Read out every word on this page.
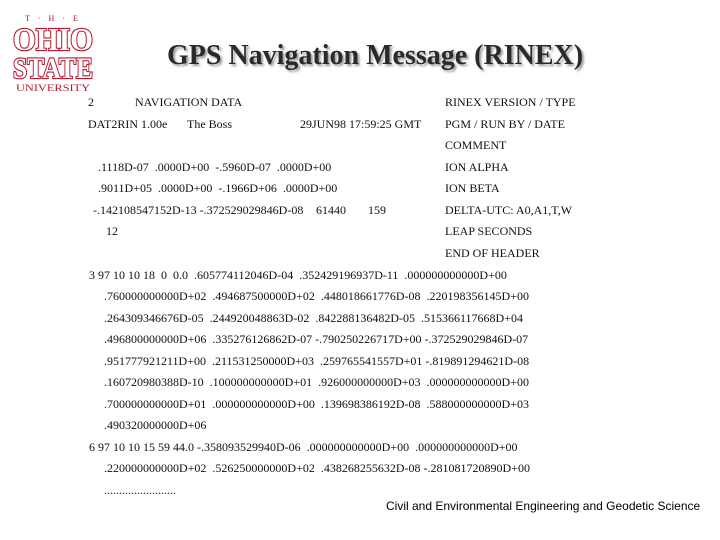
T · H · E
OHIO
STATE
UNIVERSITY
GPS Navigation Message (RINEX)
2	NAVIGATION DATA	RINEX VERSION / TYPE
DAT2RIN 1.00e The Boss	29JUN98 17:59:25 GMT PGM / RUN BY / DATE
COMMENT
.1118D-07  .0000D+00  -.5960D-07  .0000D+00	ION ALPHA
.9011D+05  .0000D+00  -.1966D+06  .0000D+00	ION BETA
-.142108547152D-13 -.372529029846D-08 61440 159	DELTA-UTC: A0,A1,T,W
12	LEAP SECONDS
END OF HEADER
3 97 10 10 18  0  0.0  .605774112046D-04  .352429196937D-11  .000000000000D+00
.760000000000D+02  .494687500000D+02  .448018661776D-08  .220198356145D+00
.264309346676D-05  .244920048863D-02  .842288136482D-05  .515366117668D+04
.496800000000D+06  .335276126862D-07 -.790250226717D+00 -.372529029846D-07
.951777921211D+00  .211531250000D+03  .259765541557D+01 -.819891294621D-08
.160720980388D-10  .100000000000D+01  .926000000000D+03  .000000000000D+00
.700000000000D+01  .000000000000D+00  .139698386192D-08  .588000000000D+03
.490320000000D+06
6 97 10 10 15 59 44.0 -.358093529940D-06  .000000000000D+00  .000000000000D+00
.220000000000D+02  .526250000000D+02  .438268255632D-08 -.281081720890D+00
........................
Civil and Environmental Engineering and Geodetic Science
